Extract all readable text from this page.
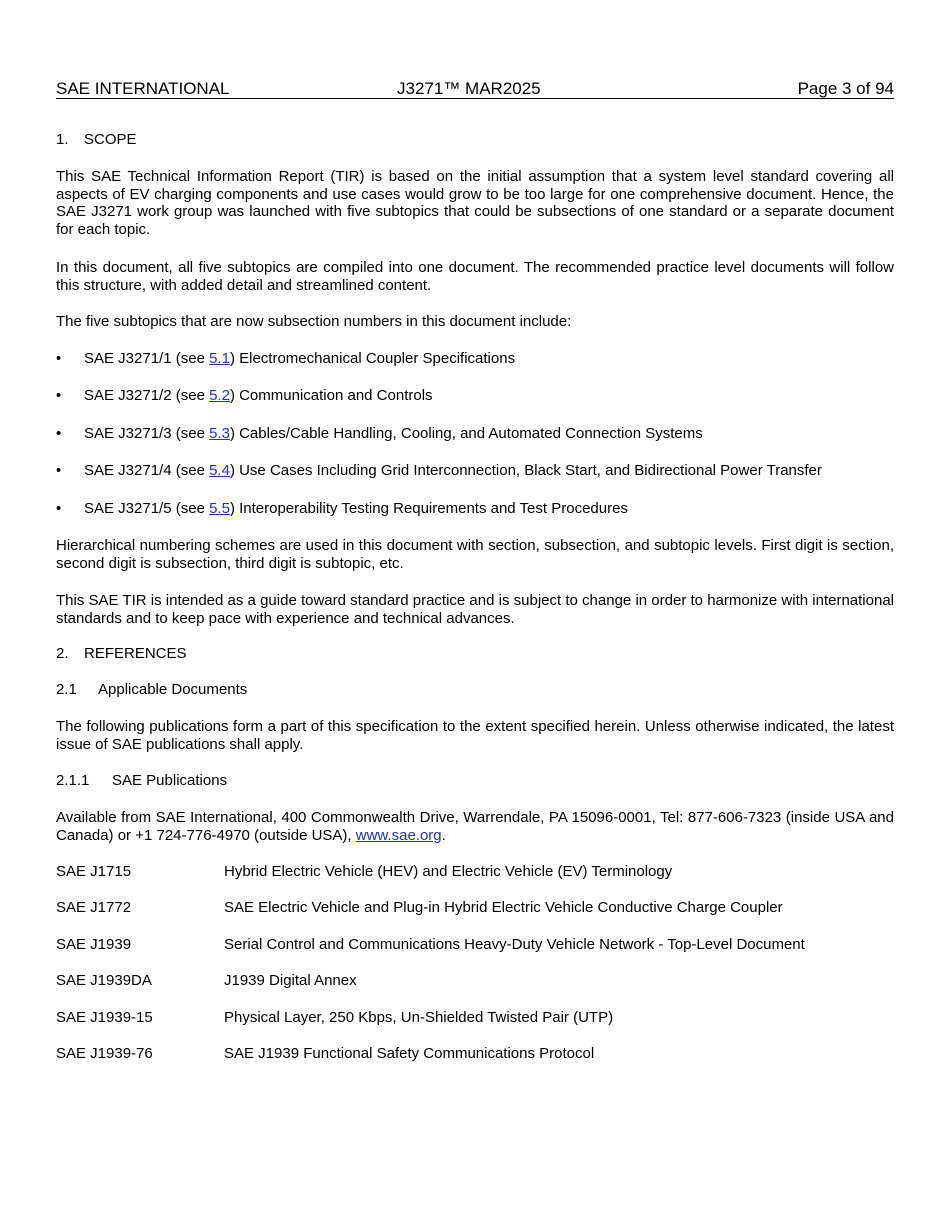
SAE INTERNATIONAL	J3271™ MAR2025	Page 3 of 94
1. SCOPE

This SAE Technical Information Report (TIR) is based on the initial assumption that a system level standard covering all aspects of EV charging components and use cases would grow to be too large for one comprehensive document. Hence, the SAE J3271 work group was launched with five subtopics that could be subsections of one standard or a separate document for each topic.

In this document, all five subtopics are compiled into one document. The recommended practice level documents will follow this structure, with added detail and streamlined content.

The five subtopics that are now subsection numbers in this document include:

• SAE J3271/1 (see 5.1) Electromechanical Coupler Specifications
• SAE J3271/2 (see 5.2) Communication and Controls
• SAE J3271/3 (see 5.3) Cables/Cable Handling, Cooling, and Automated Connection Systems
• SAE J3271/4 (see 5.4) Use Cases Including Grid Interconnection, Black Start, and Bidirectional Power Transfer
• SAE J3271/5 (see 5.5) Interoperability Testing Requirements and Test Procedures

Hierarchical numbering schemes are used in this document with section, subsection, and subtopic levels. First digit is section, second digit is subsection, third digit is subtopic, etc.

This SAE TIR is intended as a guide toward standard practice and is subject to change in order to harmonize with international standards and to keep pace with experience and technical advances.

2. REFERENCES
2.1 Applicable Documents

The following publications form a part of this specification to the extent specified herein. Unless otherwise indicated, the latest issue of SAE publications shall apply.

2.1.1 SAE Publications

Available from SAE International, 400 Commonwealth Drive, Warrendale, PA 15096-0001, Tel: 877-606-7323 (inside USA and Canada) or +1 724-776-4970 (outside USA), www.sae.org.

SAE J1715	Hybrid Electric Vehicle (HEV) and Electric Vehicle (EV) Terminology
SAE J1772	SAE Electric Vehicle and Plug-in Hybrid Electric Vehicle Conductive Charge Coupler
SAE J1939	Serial Control and Communications Heavy-Duty Vehicle Network - Top-Level Document
SAE J1939DA	J1939 Digital Annex
SAE J1939-15	Physical Layer, 250 Kbps, Un-Shielded Twisted Pair (UTP)
SAE J1939-76	SAE J1939 Functional Safety Communications Protocol
